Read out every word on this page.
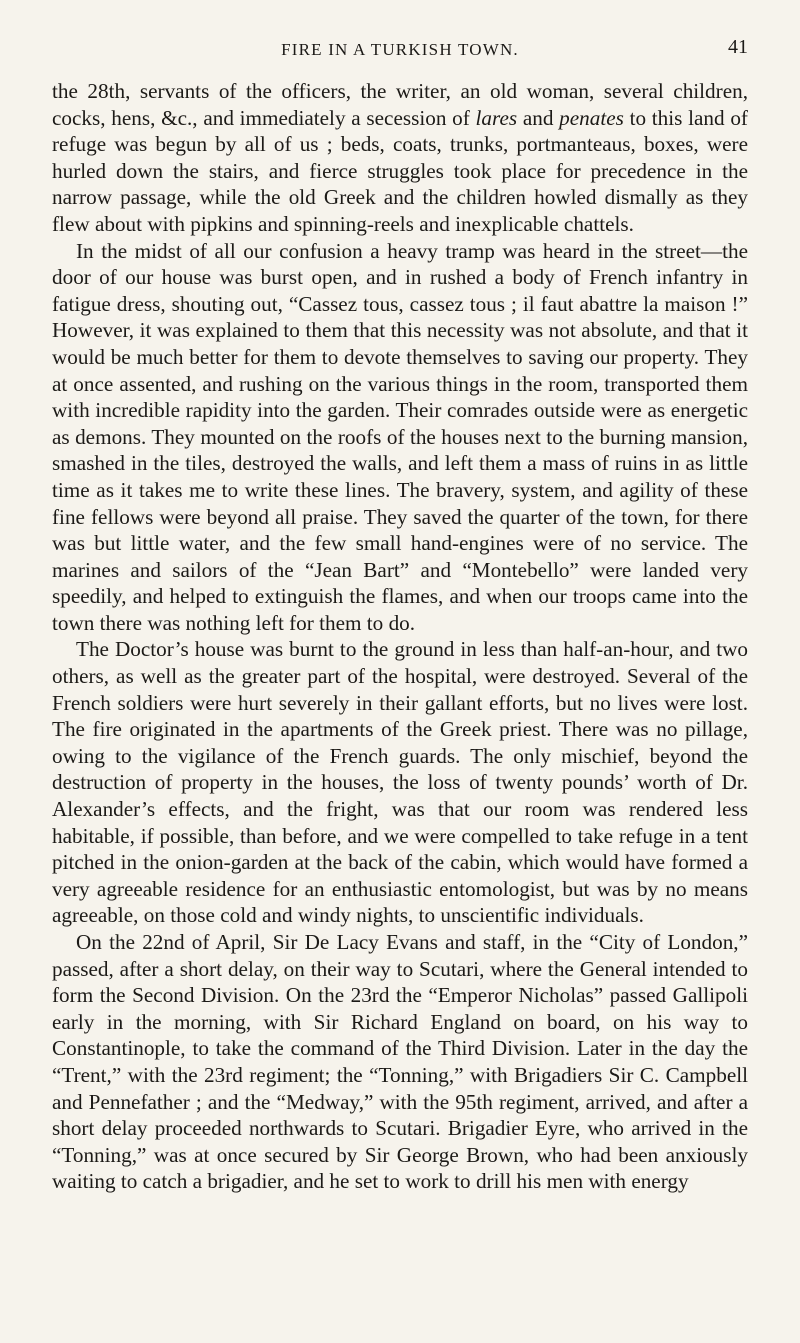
FIRE IN A TURKISH TOWN.	41

the 28th, servants of the officers, the writer, an old woman, several children, cocks, hens, &c., and immediately a secession of lares and penates to this land of refuge was begun by all of us ; beds, coats, trunks, portmanteaus, boxes, were hurled down the stairs, and fierce struggles took place for precedence in the narrow passage, while the old Greek and the children howled dismally as they flew about with pipkins and spinning-reels and inexplicable chattels.

In the midst of all our confusion a heavy tramp was heard in the street—the door of our house was burst open, and in rushed a body of French infantry in fatigue dress, shouting out, “Cassez tous, cassez tous ; il faut abattre la maison !” However, it was explained to them that this necessity was not absolute, and that it would be much better for them to devote themselves to saving our property. They at once assented, and rushing on the various things in the room, transported them with incredible rapidity into the garden. Their comrades outside were as energetic as demons. They mounted on the roofs of the houses next to the burning mansion, smashed in the tiles, destroyed the walls, and left them a mass of ruins in as little time as it takes me to write these lines. The bravery, system, and agility of these fine fellows were beyond all praise. They saved the quarter of the town, for there was but little water, and the few small hand-engines were of no service. The marines and sailors of the “Jean Bart” and “Montebello” were landed very speedily, and helped to extinguish the flames, and when our troops came into the town there was nothing left for them to do.

The Doctor’s house was burnt to the ground in less than half-an-hour, and two others, as well as the greater part of the hospital, were destroyed. Several of the French soldiers were hurt severely in their gallant efforts, but no lives were lost. The fire originated in the apartments of the Greek priest. There was no pillage, owing to the vigilance of the French guards. The only mischief, beyond the destruction of property in the houses, the loss of twenty pounds’ worth of Dr. Alexander’s effects, and the fright, was that our room was rendered less habitable, if possible, than before, and we were compelled to take refuge in a tent pitched in the onion-garden at the back of the cabin, which would have formed a very agreeable residence for an enthusiastic entomologist, but was by no means agreeable, on those cold and windy nights, to unscientific individuals.

On the 22nd of April, Sir De Lacy Evans and staff, in the “City of London,” passed, after a short delay, on their way to Scutari, where the General intended to form the Second Division. On the 23rd the “Emperor Nicholas” passed Gallipoli early in the morning, with Sir Richard England on board, on his way to Constantinople, to take the command of the Third Division. Later in the day the “Trent,” with the 23rd regiment; the “Tonning,” with Brigadiers Sir C. Campbell and Pennefather ; and the “Medway,” with the 95th regiment, arrived, and after a short delay proceeded northwards to Scutari. Brigadier Eyre, who arrived in the “Tonning,” was at once secured by Sir George Brown, who had been anxiously waiting to catch a brigadier, and he set to work to drill his men with energy
